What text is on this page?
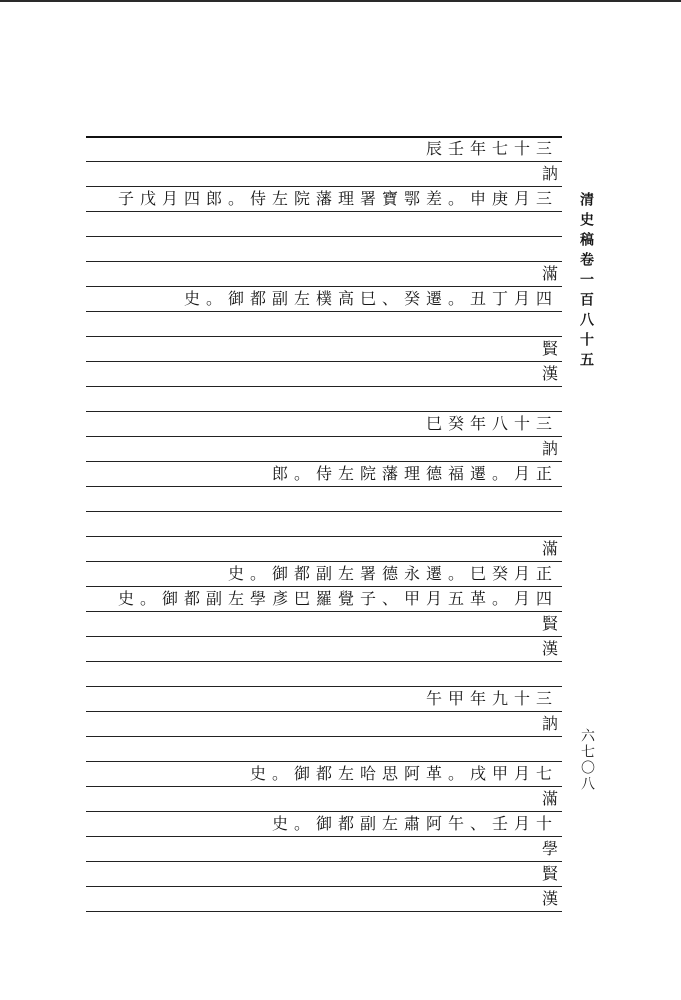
辰壬年七十三

訥

子戊月四郎。侍左院藩理署寶鄂差。申庚月三

滿

史。御都副左樸高巳、癸遷。丑丁月四

賢

漢

巳癸年八十三

訥

郎。侍左院藩理德福遷。月正

滿

史。御都副左署德永遷。巳癸月正

史。御都副左學彥巴羅覺子、甲月五革。月四

賢

漢

午甲年九十三

訥

史。御都左哈思阿革。戌甲月七

滿

史。御都副左肅阿午、壬月十

學

賢

漢

清史稿卷一百八十五
六七〇八
